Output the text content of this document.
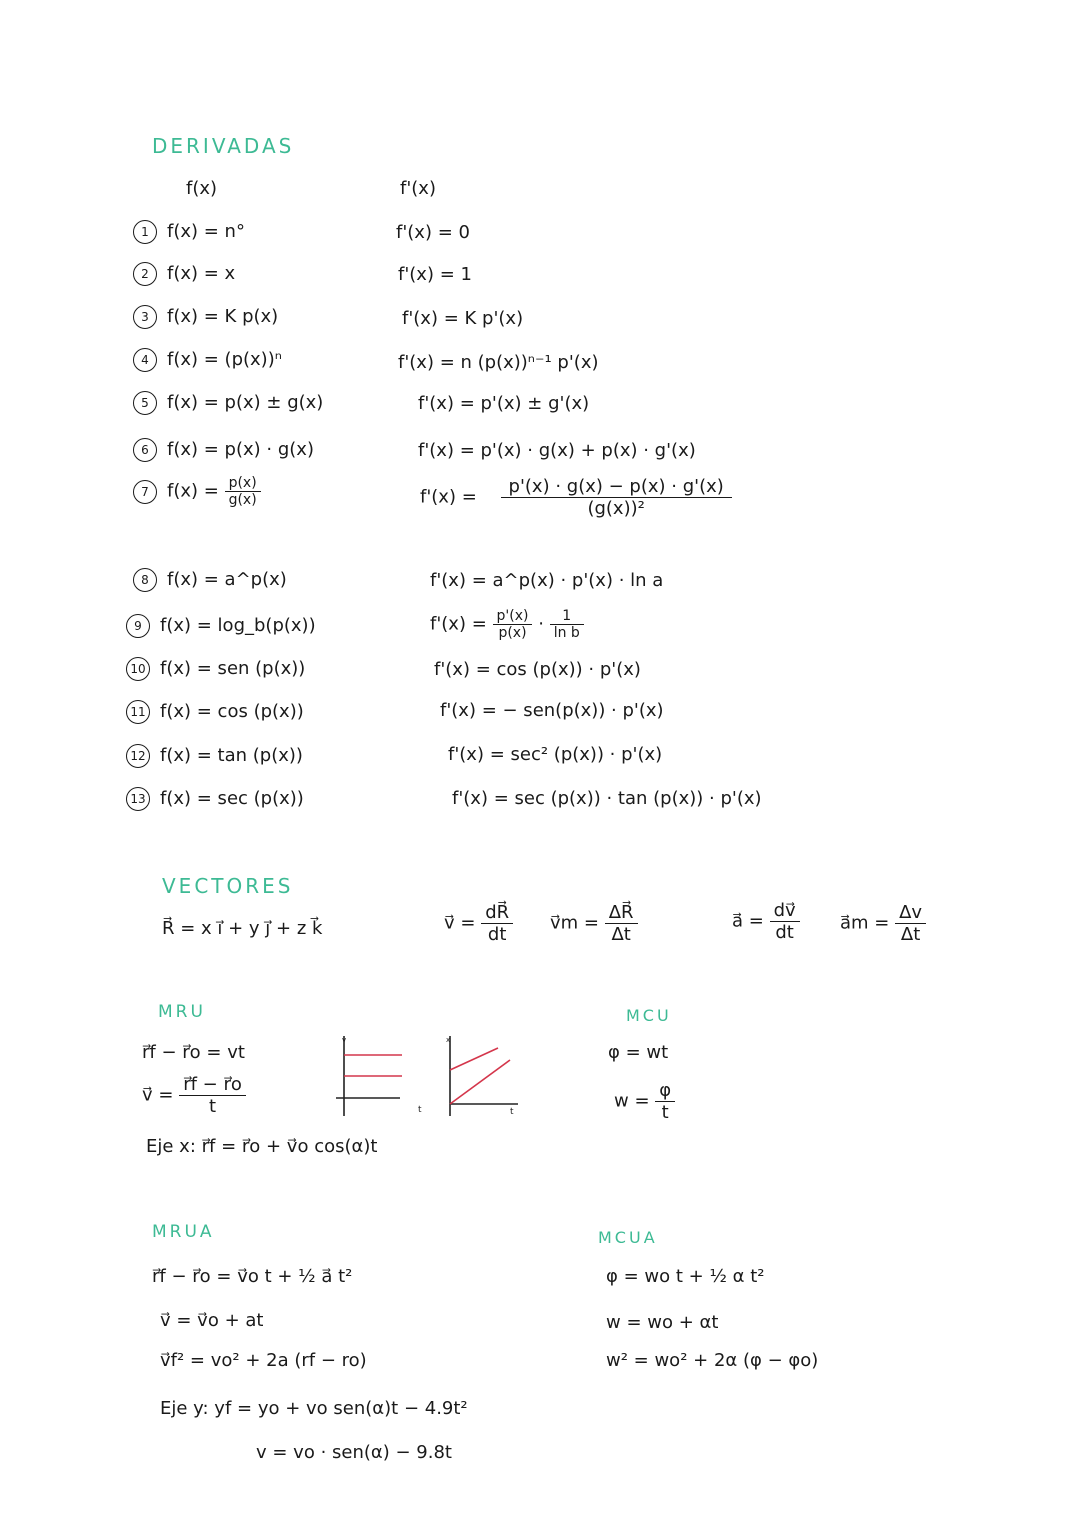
DERIVADAS
f(x)	f'(x)
1 f(x) = n°	f'(x) = 0
2 f(x) = x	f'(x) = 1
3 f(x) = K p(x)	f'(x) = K p'(x)
4 f(x) = (p(x))ⁿ	f'(x) = n (p(x))ⁿ⁻¹ p'(x)
5 f(x) = p(x) ± g(x)	f'(x) = p'(x) ± g'(x)
6 f(x) = p(x) · g(x)	f'(x) = p'(x) · g(x) + p(x) · g'(x)
7 $f(x) = \frac{p(x)}{g(x)}$	$f'(x) = \frac{p'(x) \cdot g(x) - p(x) \cdot g'(x)}{\text{(g(x))²}}$
8 f(x) = a^p(x)	f'(x) = a^p(x) · p'(x) · ln a
9 f(x) = log_b(p(x))	$f'(x) = \frac{p'(x)}{p(x)} \cdot \frac{1}{\text{ln b}}$
10 f(x) = sen (p(x))	f'(x) = cos (p(x)) · p'(x)
11 f(x) = cos (p(x))	f'(x) = − sen(p(x)) · p'(x)
12 f(x) = tan (p(x))	f'(x) = sec² (p(x)) · p'(x)
13 f(x) = sec (p(x))	f'(x) = sec (p(x)) · tan (p(x)) · p'(x)
VECTORES
R⃗ = x i⃗ + y j⃗ + z k⃗	v⃗ = $\frac{dR⃗}{dt}$ v⃗m = $\frac{\Delta R⃗}{\Delta t}$	a⃗ = $\frac{dv⃗}{dt}$ a⃗m = $\frac{\Delta v}{\Delta t}$
MRU
r⃗f − r⃗o = vt
v⃗ = $\frac{r⃗f - r⃗o}{t}$
Eje x: r⃗f = r⃗o + v⃗o cos(α)t
v
t
x
t
MCU
φ = wt
$w = \frac{\varphi}{t}$
MRUA
r⃗f − r⃗o = v⃗o t + ½ a⃗ t²
v⃗ = v⃗o + at
v⃗f² = vo² + 2a (rf − ro)
Eje y: yf = yo + vo sen(α)t − 4.9t²
v = vo · sen(α) − 9.8t
MCUA
φ = wo t + ½ α t²
w = wo + αt
w² = wo² + 2α (φ − φo)
